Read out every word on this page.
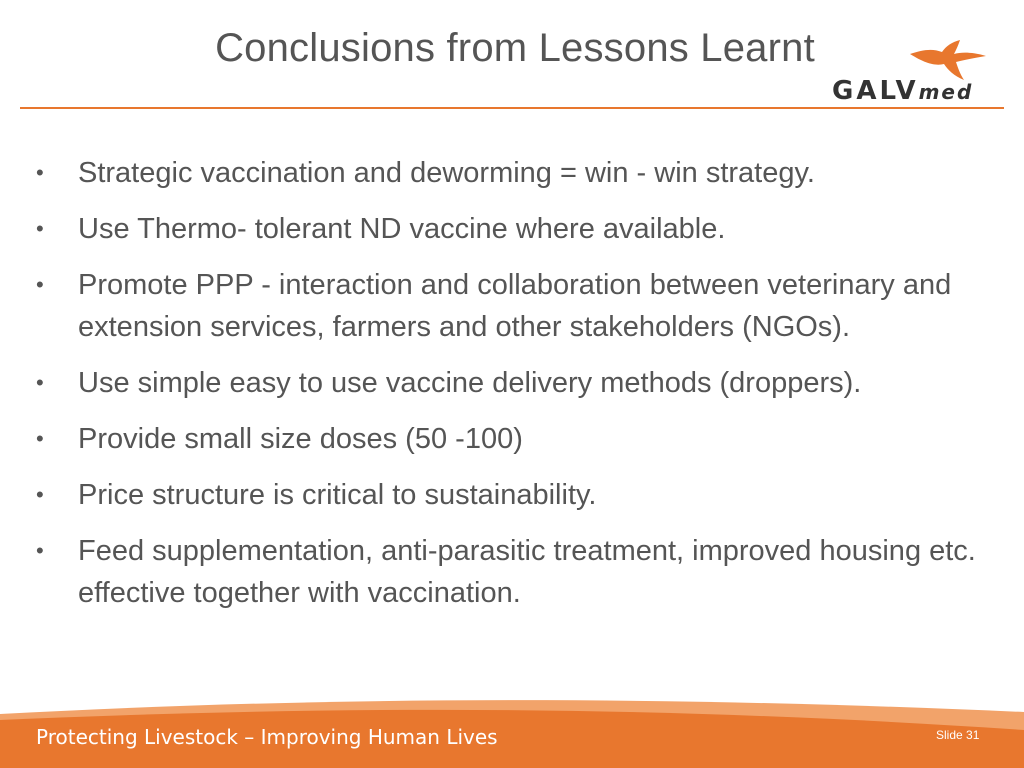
Conclusions from Lessons Learnt
GALVmed
•	Strategic vaccination and deworming = win - win strategy.
•	Use Thermo- tolerant ND vaccine where available.
•	Promote PPP - interaction and collaboration between veterinary and extension services, farmers and other stakeholders (NGOs).
•	Use simple easy to use vaccine delivery methods (droppers).
•	Provide small size doses (50 -100)
•	Price structure is critical to sustainability.
•	Feed supplementation, anti-parasitic treatment, improved housing etc. effective together with vaccination.
Protecting Livestock – Improving Human Lives	Slide 31
